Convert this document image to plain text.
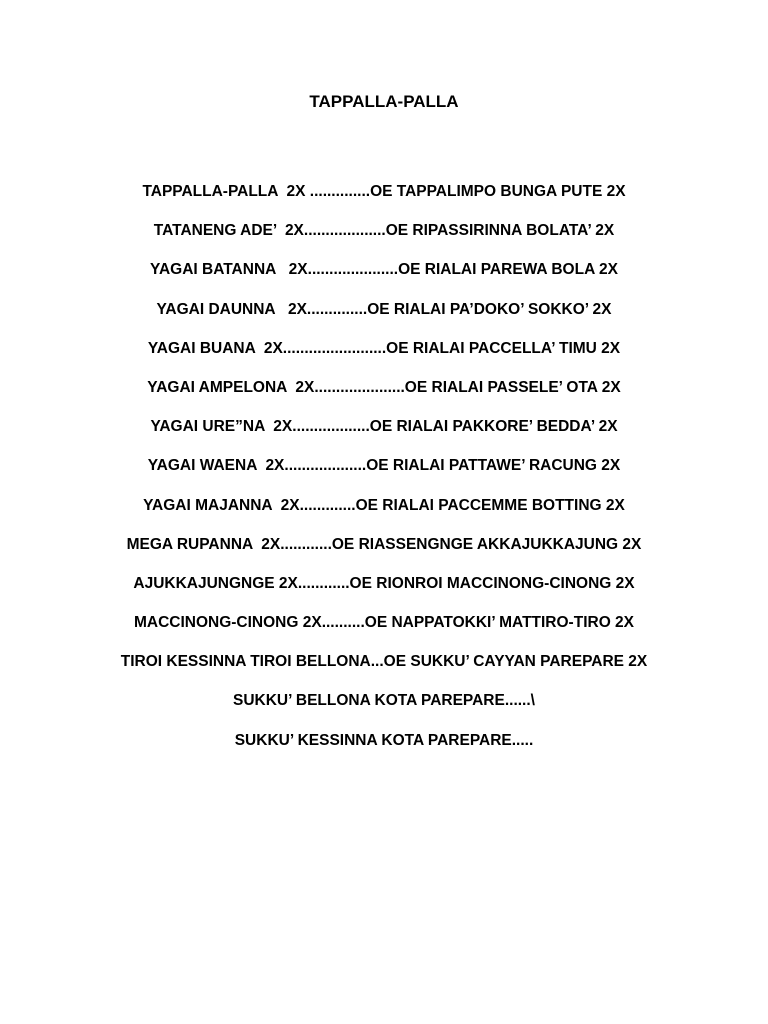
TAPPALLA-PALLA
TAPPALLA-PALLA  2X ..............OE TAPPALIMPO BUNGA PUTE 2X
TATANENG ADE’  2X...................OE RIPASSIRINNA BOLATA’ 2X
YAGAI BATANNA   2X.....................OE RIALAI PAREWA BOLA 2X
YAGAI DAUNNA   2X..............OE RIALAI PA’DOKO’ SOKKO’ 2X
YAGAI BUANA  2X........................OE RIALAI PACCELLA’ TIMU 2X
YAGAI AMPELONA  2X.....................OE RIALAI PASSELE’ OTA 2X
YAGAI URE”NA  2X..................OE RIALAI PAKKORE’ BEDDA’ 2X
YAGAI WAENA  2X...................OE RIALAI PATTAWE’ RACUNG 2X
YAGAI MAJANNA  2X.............OE RIALAI PACCEMME BOTTING 2X
MEGA RUPANNA  2X............OE RIASSENGNGE AKKAJUKKAJUNG 2X
AJUKKAJUNGNGE 2X............OE RIONROI MACCINONG-CINONG 2X
MACCINONG-CINONG 2X..........OE NAPPATOKKI’ MATTIRO-TIRO 2X
TIROI KESSINNA TIROI BELLONA...OE SUKKU’ CAYYAN PAREPARE 2X
SUKKU’ BELLONA KOTA PAREPARE......\
SUKKU’ KESSINNA KOTA PAREPARE.....
